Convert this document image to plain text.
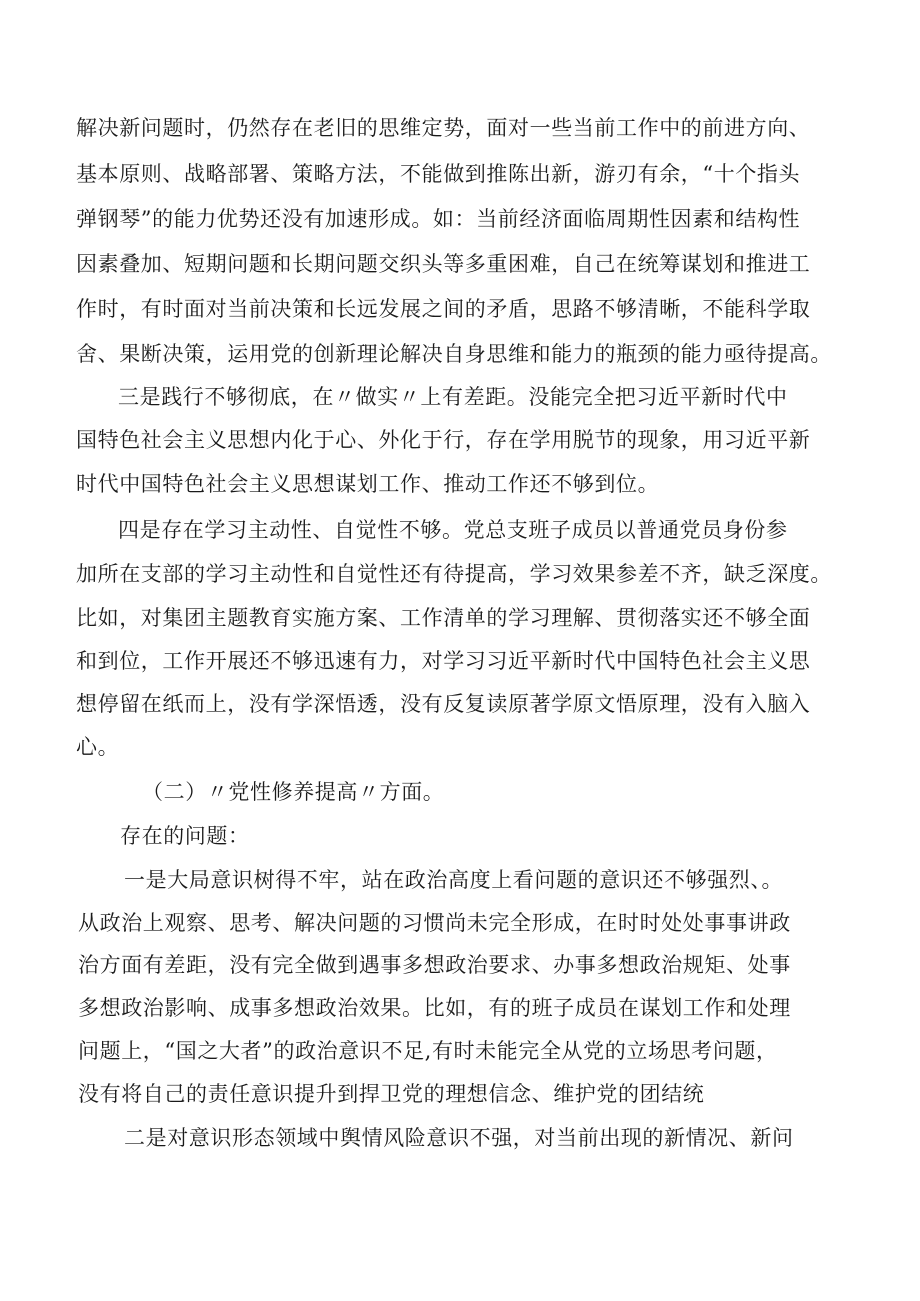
解决新问题时，仍然存在老旧的思维定势，面对一些当前工作中的前进方向、
基本原则、战略部署、策略方法，不能做到推陈出新，游刃有余，“十个指头
弹钢琴”的能力优势还没有加速形成。如：当前经济面临周期性因素和结构性
因素叠加、短期问题和长期问题交织头等多重困难，自己在统筹谋划和推进工
作时，有时面对当前决策和长远发展之间的矛盾，思路不够清晰，不能科学取
舍、果断决策，运用党的创新理论解决自身思维和能力的瓶颈的能力亟待提高。
三是践行不够彻底，在〃做实〃上有差距。没能完全把习近平新时代中
国特色社会主义思想内化于心、外化于行，存在学用脱节的现象，用习近平新
时代中国特色社会主义思想谋划工作、推动工作还不够到位。
四是存在学习主动性、自觉性不够。党总支班子成员以普通党员身份参
加所在支部的学习主动性和自觉性还有待提高，学习效果参差不齐，缺乏深度。
比如，对集团主题教育实施方案、工作清单的学习理解、贯彻落实还不够全面
和到位，工作开展还不够迅速有力，对学习习近平新时代中国特色社会主义思
想停留在纸而上，没有学深悟透，没有反复读原著学原文悟原理，没有入脑入
心。
（二）〃党性修养提高〃方面。
存在的问题：
一是大局意识树得不牢，站在政治高度上看问题的意识还不够强烈、。
从政治上观察、思考、解决问题的习惯尚未完全形成，在时时处处事事讲政
治方面有差距，没有完全做到遇事多想政治要求、办事多想政治规矩、处事
多想政治影响、成事多想政治效果。比如，有的班子成员在谋划工作和处理
问题上，“国之大者”的政治意识不足,有时未能完全从党的立场思考问题，
没有将自己的责任意识提升到捍卫党的理想信念、维护党的团结统
二是对意识形态领域中舆情风险意识不强，对当前出现的新情况、新问
